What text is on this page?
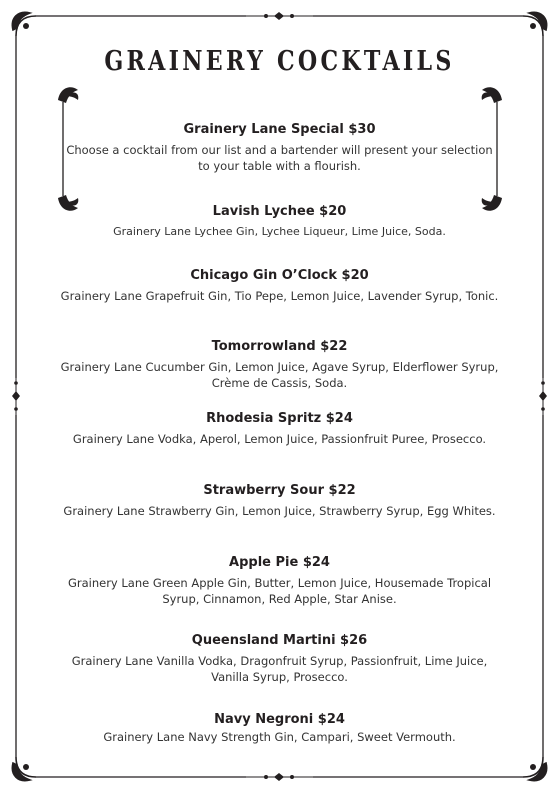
GRAINERY COCKTAILS
Grainery Lane Special $30

Choose a cocktail from our list and a bartender will present your selection to your table with a flourish.

Lavish Lychee $20

Grainery Lane Lychee Gin, Lychee Liqueur, Lime Juice, Soda.

Chicago Gin O’Clock $20

Grainery Lane Grapefruit Gin, Tio Pepe, Lemon Juice, Lavender Syrup, Tonic.

Tomorrowland $22

Grainery Lane Cucumber Gin, Lemon Juice, Agave Syrup, Elderflower Syrup, Crème de Cassis, Soda.

Rhodesia Spritz $24

Grainery Lane Vodka, Aperol, Lemon Juice, Passionfruit Puree, Prosecco.

Strawberry Sour $22

Grainery Lane Strawberry Gin, Lemon Juice, Strawberry Syrup, Egg Whites.

Apple Pie $24

Grainery Lane Green Apple Gin, Butter, Lemon Juice, Housemade Tropical Syrup, Cinnamon, Red Apple, Star Anise.

Queensland Martini $26

Grainery Lane Vanilla Vodka, Dragonfruit Syrup, Passionfruit, Lime Juice, Vanilla Syrup, Prosecco.

Navy Negroni $24

Grainery Lane Navy Strength Gin, Campari, Sweet Vermouth.
